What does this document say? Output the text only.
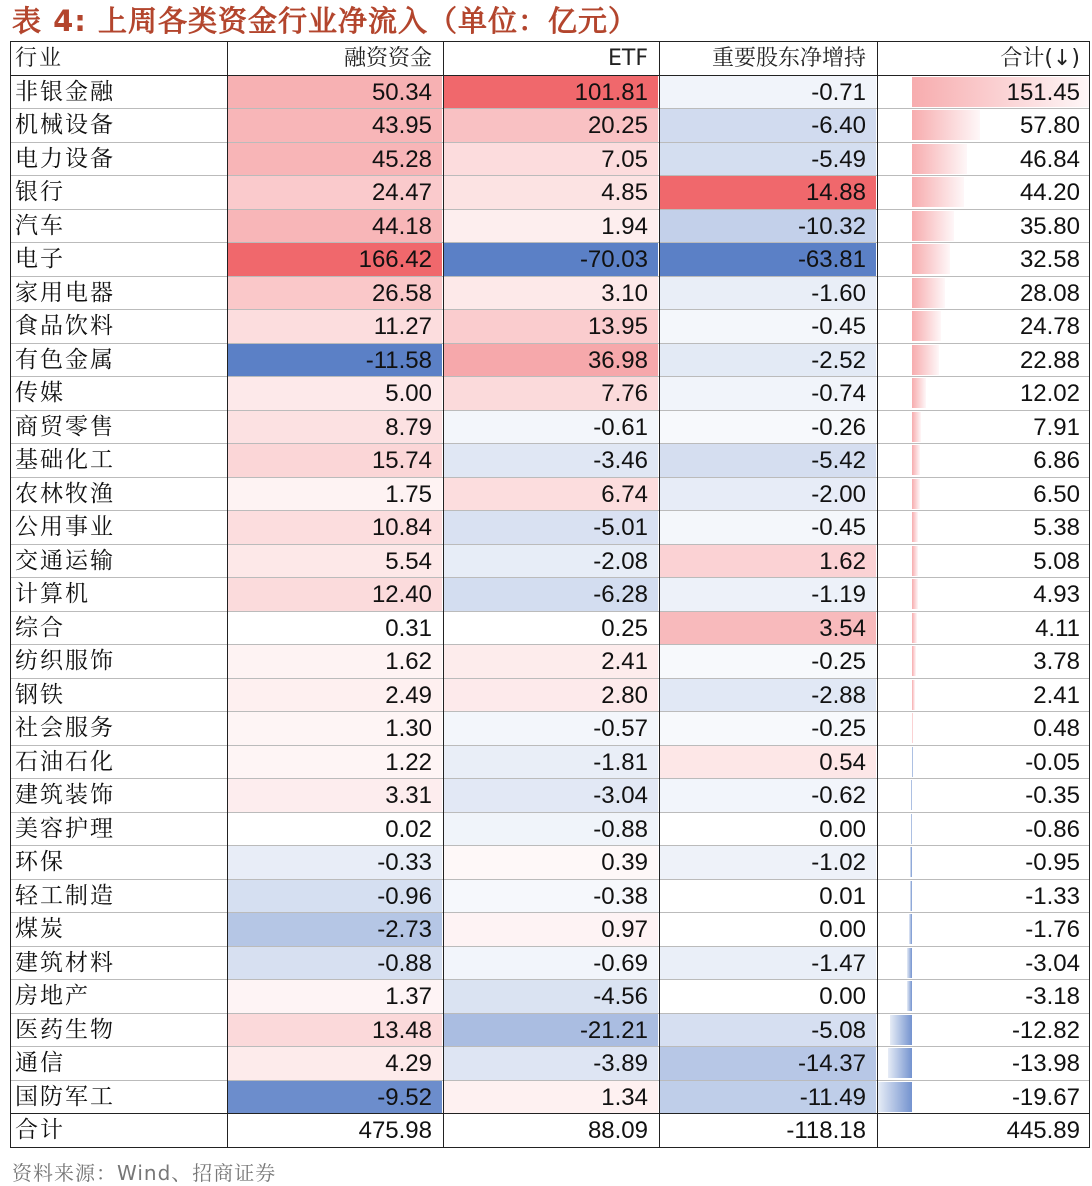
表 4: 上周各类资金行业净流入（单位：亿元）
行业	融资资金	ETF	重要股东净增持	合计(↓)
非银金融	50.34	101.81	-0.71	151.45
机械设备	43.95	20.25	-6.40	57.80
电力设备	45.28	7.05	-5.49	46.84
银行	24.47	4.85	14.88	44.20
汽车	44.18	1.94	-10.32	35.80
电子	166.42	-70.03	-63.81	32.58
家用电器	26.58	3.10	-1.60	28.08
食品饮料	11.27	13.95	-0.45	24.78
有色金属	-11.58	36.98	-2.52	22.88
传媒	5.00	7.76	-0.74	12.02
商贸零售	8.79	-0.61	-0.26	7.91
基础化工	15.74	-3.46	-5.42	6.86
农林牧渔	1.75	6.74	-2.00	6.50
公用事业	10.84	-5.01	-0.45	5.38
交通运输	5.54	-2.08	1.62	5.08
计算机	12.40	-6.28	-1.19	4.93
综合	0.31	0.25	3.54	4.11
纺织服饰	1.62	2.41	-0.25	3.78
钢铁	2.49	2.80	-2.88	2.41
社会服务	1.30	-0.57	-0.25	0.48
石油石化	1.22	-1.81	0.54	-0.05
建筑装饰	3.31	-3.04	-0.62	-0.35
美容护理	0.02	-0.88	0.00	-0.86
环保	-0.33	0.39	-1.02	-0.95
轻工制造	-0.96	-0.38	0.01	-1.33
煤炭	-2.73	0.97	0.00	-1.76
建筑材料	-0.88	-0.69	-1.47	-3.04
房地产	1.37	-4.56	0.00	-3.18
医药生物	13.48	-21.21	-5.08	-12.82
通信	4.29	-3.89	-14.37	-13.98
国防军工	-9.52	1.34	-11.49	-19.67
合计	475.98	88.09	-118.18	445.89
资料来源：Wind、招商证券
